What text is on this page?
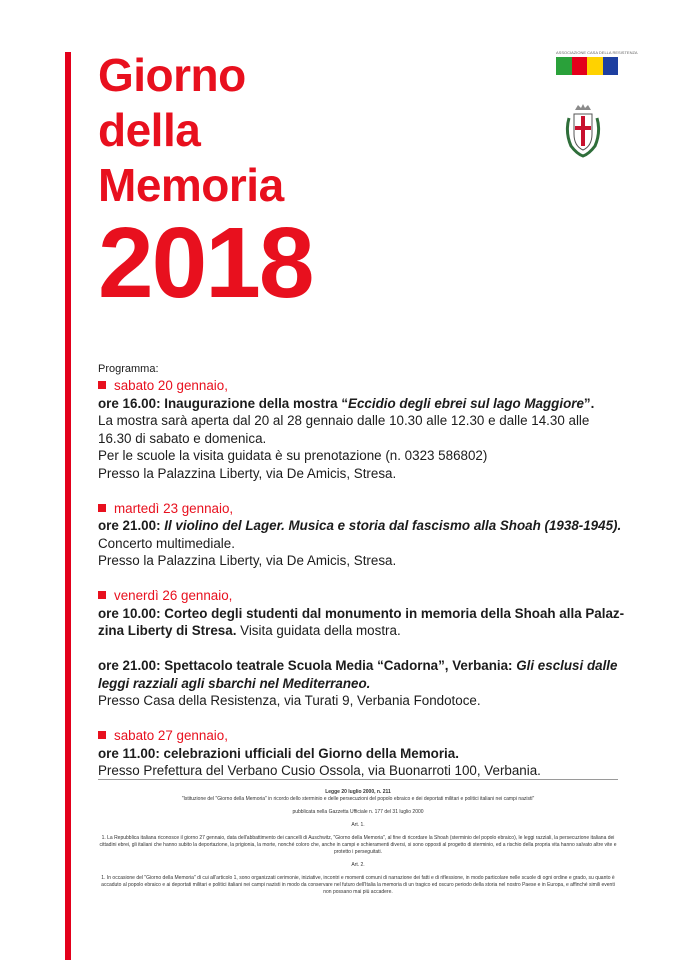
Giorno
della
Memoria
2018
ASSOCIAZIONE CASA DELLA RESISTENZA
Programma:
sabato 20 gennaio,
ore 16.00: Inaugurazione della mostra “Eccidio degli ebrei sul lago Maggiore”.
La mostra sarà aperta dal 20 al 28 gennaio dalle 10.30 alle 12.30 e dalle 14.30 alle
16.30 di sabato e domenica.
Per le scuole la visita guidata è su prenotazione (n. 0323 586802)
Presso la Palazzina Liberty, via De Amicis, Stresa.
martedì 23 gennaio,
ore 21.00: Il violino del Lager. Musica e storia dal fascismo alla Shoah (1938-1945).
Concerto multimediale.
Presso la Palazzina Liberty, via De Amicis, Stresa.
venerdì 26 gennaio,
ore 10.00: Corteo degli studenti dal monumento in memoria della Shoah alla Palaz-
zina Liberty di Stresa. Visita guidata della mostra.
ore 21.00: Spettacolo teatrale Scuola Media “Cadorna”, Verbania: Gli esclusi dalle
leggi razziali agli sbarchi nel Mediterraneo.
Presso Casa della Resistenza, via Turati 9, Verbania Fondotoce.
sabato 27 gennaio,
ore 11.00: celebrazioni ufficiali del Giorno della Memoria.
Presso Prefettura del Verbano Cusio Ossola, via Buonarroti 100, Verbania.

Legge 20 luglio 2000, n. 211

"Istituzione del "Giorno della Memoria" in ricordo dello sterminio e delle persecuzioni del popolo ebraico e dei deportati militari e politici italiani nei campi nazisti"

pubblicata nella Gazzetta Ufficiale n. 177 del 31 luglio 2000

Art. 1.

1. La Repubblica italiana riconosce il giorno 27 gennaio, data dell'abbattimento dei cancelli di Auschwitz, "Giorno della Memoria", al fine di ricordare la Shoah (sterminio del popolo ebraico), le leggi razziali, la persecuzione italiana dei cittadini ebrei, gli italiani che hanno subito la deportazione, la prigionia, la morte, nonché coloro che, anche in campi e schieramenti diversi, si sono opposti al progetto di sterminio, ed a rischio della propria vita hanno salvato altre vite e protetto i perseguitati.

Art. 2.

1. In occasione del "Giorno della Memoria" di cui all'articolo 1, sono organizzati cerimonie, iniziative, incontri e momenti comuni di narrazione dei fatti e di riflessione, in modo particolare nelle scuole di ogni ordine e grado, su quanto è accaduto al popolo ebraico e ai deportati militari e politici italiani nei campi nazisti in modo da conservare nel futuro dell'Italia la memoria di un tragico ed oscuro periodo della storia nel nostro Paese e in Europa, e affinché simili eventi non possano mai più accadere.
